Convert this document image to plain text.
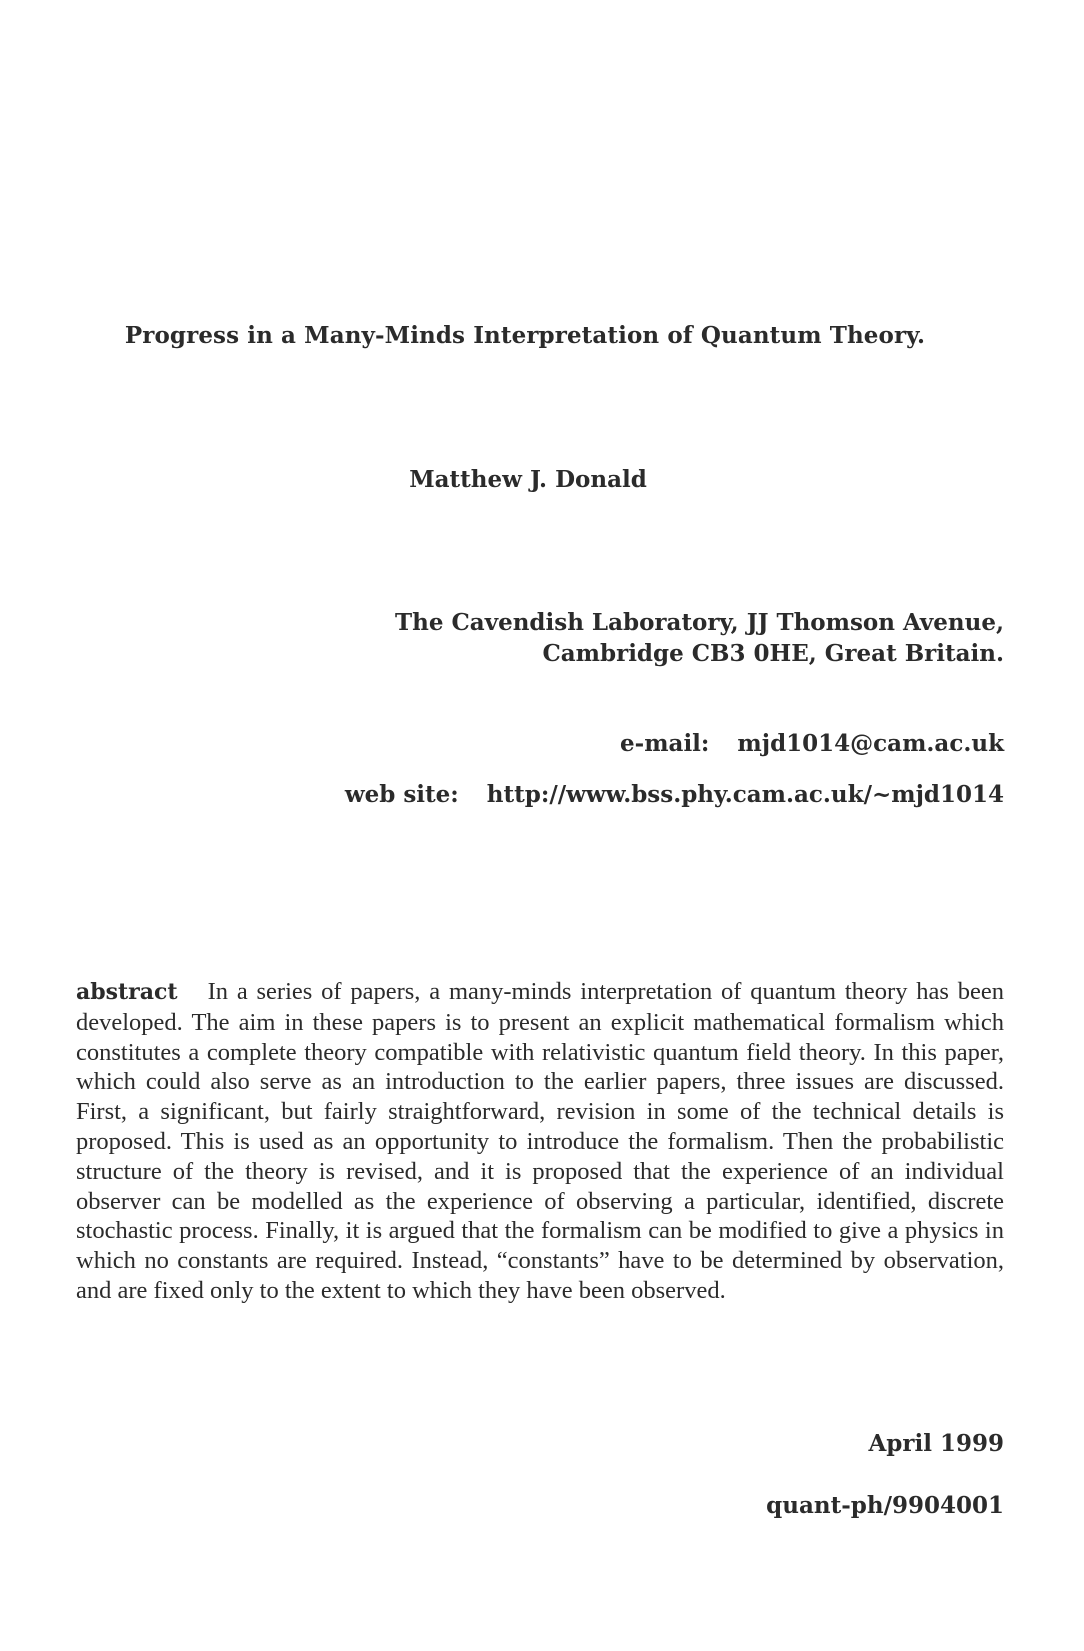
Progress in a Many-Minds Interpretation of Quantum Theory.
Matthew J. Donald
The Cavendish Laboratory, JJ Thomson Avenue,
Cambridge CB3 0HE, Great Britain.
e-mail: mjd1014@cam.ac.uk
web site: http://www.bss.phy.cam.ac.uk/~mjd1014

abstract In a series of papers, a many-minds interpretation of quantum theory has been developed. The aim in these papers is to present an explicit mathematical formalism which constitutes a complete theory compatible with relativistic quantum field theory. In this paper, which could also serve as an introduction to the earlier papers, three issues are discussed. First, a significant, but fairly straightforward, revision in some of the technical details is proposed. This is used as an opportunity to introduce the formalism. Then the probabilistic structure of the theory is revised, and it is proposed that the experience of an individual observer can be modelled as the experience of observing a particular, identified, discrete stochastic process. Finally, it is argued that the formalism can be modified to give a physics in which no constants are required. Instead, “constants” have to be determined by observation, and are fixed only to the extent to which they have been observed.

April 1999
quant-ph/9904001
